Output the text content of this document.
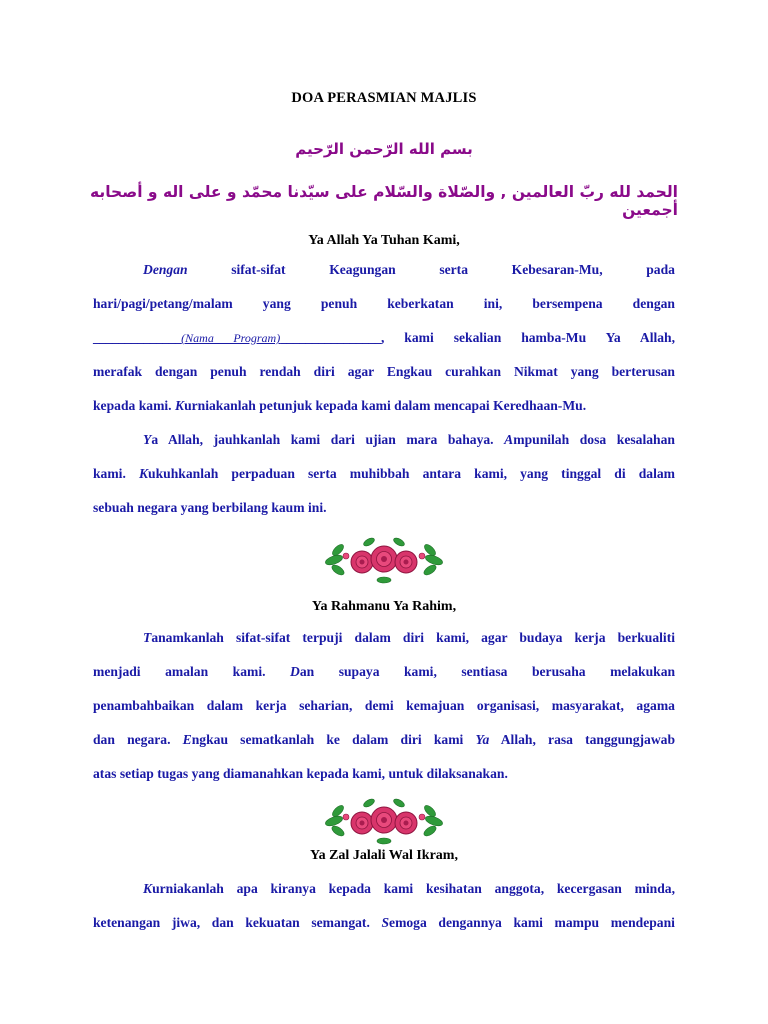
DOA PERASMIAN MAJLIS
بسم الله الرّحمن الرّحيم
الحمد لله ربّ العالمين , والصّلاة والسّلام على سيّدنا محمّد و على اله و أصحابه أجمعين
Ya Allah Ya Tuhan Kami,
Dengan	sifat-sifat	Keagungan	serta	Kebesaran-Mu,	pada
hari/pagi/petang/malam yang penuh keberkatan ini, bersempena dengan
______________(Nama Program)________________, kami sekalian hamba-Mu Ya Allah,
merafak dengan penuh rendah diri agar Engkau curahkan Nikmat yang berterusan
kepada kami. Kurniakanlah petunjuk kepada kami dalam mencapai Keredhaan-Mu.
Ya Allah, jauhkanlah kami dari ujian mara bahaya. Ampunilah dosa kesalahan
kami. Kukuhkanlah perpaduan serta muhibbah antara kami, yang tinggal di dalam
sebuah negara yang berbilang kaum ini.
Ya Rahmanu Ya Rahim,
Tanamkanlah sifat-sifat terpuji dalam diri kami, agar budaya kerja berkualiti
menjadi amalan kami. Dan supaya kami, sentiasa berusaha melakukan
penambahbaikan dalam kerja seharian, demi kemajuan organisasi, masyarakat, agama
dan negara. Engkau sematkanlah ke dalam diri kami Ya Allah, rasa tanggungjawab
atas setiap tugas yang diamanahkan kepada kami, untuk dilaksanakan.
Ya Zal Jalali Wal Ikram,
Kurniakanlah apa kiranya kepada kami kesihatan anggota, kecergasan minda,
ketenangan jiwa, dan kekuatan semangat. Semoga dengannya kami mampu mendepani
